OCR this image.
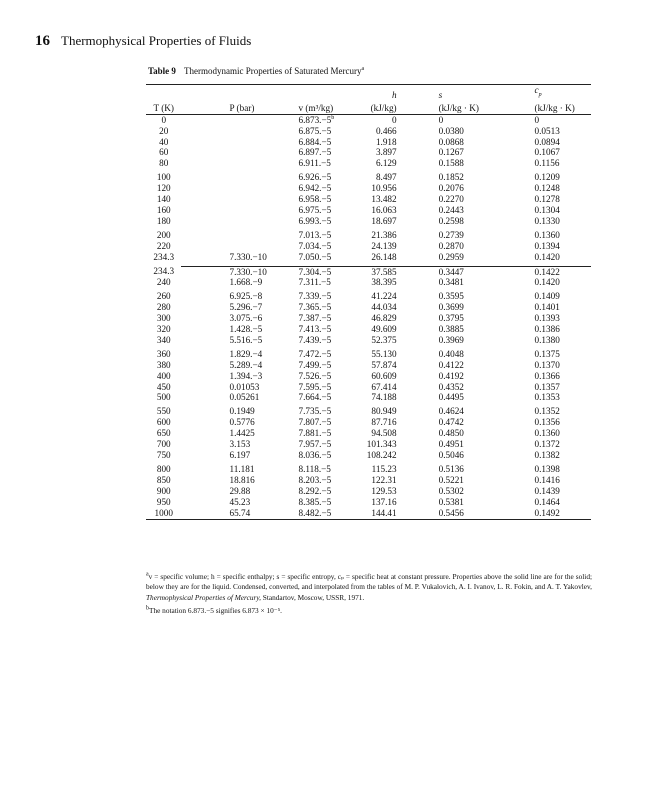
16 Thermophysical Properties of Fluids
Table 9 Thermodynamic Properties of Saturated Mercury$^a$

			h	s	$c_p$
T (K)	P (bar)	v (m³/kg)	(kJ/kg)	(kJ/kg · K)	(kJ/kg · K)
0		$6.873.-5^b$	0	0	0
20		6.875.−5	0.466	0.0380	0.0513
40		6.884.−5	1.918	0.0868	0.0894
60		6.897.−5	3.897	0.1267	0.1067
80		6.911.−5	6.129	0.1588	0.1156
100		6.926.−5	8.497	0.1852	0.1209
120		6.942.−5	10.956	0.2076	0.1248
140		6.958.−5	13.482	0.2270	0.1278
160		6.975.−5	16.063	0.2443	0.1304
180		6.993.−5	18.697	0.2598	0.1330
200		7.013.−5	21.386	0.2739	0.1360
220		7.034.−5	24.139	0.2870	0.1394
234.3	7.330.−10	7.050.−5	26.148	0.2959	0.1420
234.3	7.330.−10	7.304.−5	37.585	0.3447	0.1422
240	1.668.−9	7.311.−5	38.395	0.3481	0.1420
260	6.925.−8	7.339.−5	41.224	0.3595	0.1409
280	5.296.−7	7.365.−5	44.034	0.3699	0.1401
300	3.075.−6	7.387.−5	46.829	0.3795	0.1393
320	1.428.−5	7.413.−5	49.609	0.3885	0.1386
340	5.516.−5	7.439.−5	52.375	0.3969	0.1380
360	1.829.−4	7.472.−5	55.130	0.4048	0.1375
380	5.289.−4	7.499.−5	57.874	0.4122	0.1370
400	1.394.−3	7.526.−5	60.609	0.4192	0.1366
450	0.01053	7.595.−5	67.414	0.4352	0.1357
500	0.05261	7.664.−5	74.188	0.4495	0.1353
550	0.1949	7.735.−5	80.949	0.4624	0.1352
600	0.5776	7.807.−5	87.716	0.4742	0.1356
650	1.4425	7.881.−5	94.508	0.4850	0.1360
700	3.153	7.957.−5	101.343	0.4951	0.1372
750	6.197	8.036.−5	108.242	0.5046	0.1382
800	11.181	8.118.−5	115.23	0.5136	0.1398
850	18.816	8.203.−5	122.31	0.5221	0.1416
900	29.88	8.292.−5	129.53	0.5302	0.1439
950	45.23	8.385.−5	137.16	0.5381	0.1464
1000	65.74	8.482.−5	144.41	0.5456	0.1492

$^a$v = specific volume; h = specific enthalpy; s = specific entropy, cₚ = specific heat at constant pressure. Properties above the solid line are for the solid; below they are for the liquid. Condensed, converted, and interpolated from the tables of M. P. Vukalovich, A. I. Ivanov, L. R. Fokin, and A. T. Yakovlev, Thermophysical Properties of Mercury, Standartov, Moscow, USSR, 1971.

$^b$The notation 6.873.−5 signifies 6.873 × 10⁻⁵.
